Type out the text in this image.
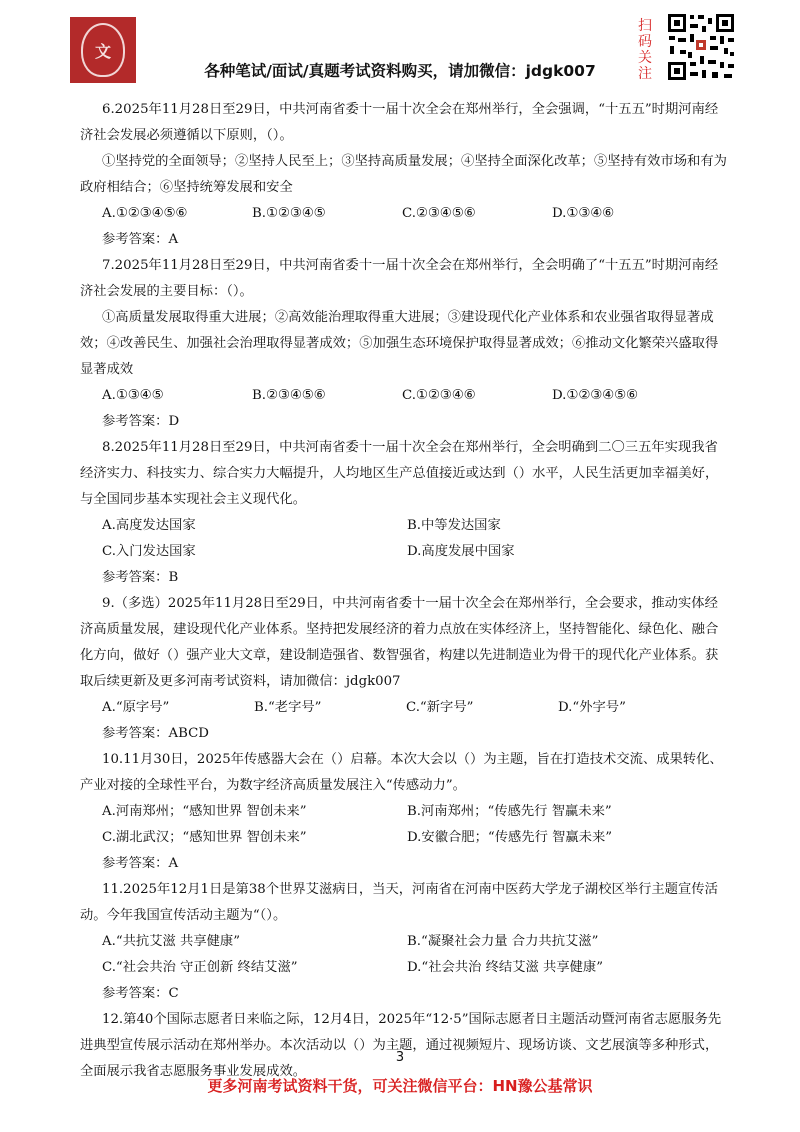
文
扫码关注
各种笔试/面试/真题考试资料购买，请加微信：jdgk007

6.2025年11月28日至29日，中共河南省委十一届十次全会在郑州举行，全会强调，“十五五”时期河南经济社会发展必须遵循以下原则，（）。

①坚持党的全面领导；②坚持人民至上；③坚持高质量发展；④坚持全面深化改革；⑤坚持有效市场和有为政府相结合；⑥坚持统筹发展和安全

A.①②③④⑤⑥	B.①②③④⑤	C.②③④⑤⑥	D.①③④⑥

参考答案：A

7.2025年11月28日至29日，中共河南省委十一届十次全会在郑州举行，全会明确了“十五五”时期河南经济社会发展的主要目标：（）。

①高质量发展取得重大进展；②高效能治理取得重大进展；③建设现代化产业体系和农业强省取得显著成效；④改善民生、加强社会治理取得显著成效；⑤加强生态环境保护取得显著成效；⑥推动文化繁荣兴盛取得显著成效

A.①③④⑤	B.②③④⑤⑥	C.①②③④⑥	D.①②③④⑤⑥

参考答案：D

8.2025年11月28日至29日，中共河南省委十一届十次全会在郑州举行，全会明确到二〇三五年实现我省经济实力、科技实力、综合实力大幅提升，人均地区生产总值接近或达到（）水平，人民生活更加幸福美好，与全国同步基本实现社会主义现代化。

A.高度发达国家	B.中等发达国家
C.入门发达国家	D.高度发展中国家

参考答案：B

9.（多选）2025年11月28日至29日，中共河南省委十一届十次全会在郑州举行，全会要求，推动实体经济高质量发展，建设现代化产业体系。坚持把发展经济的着力点放在实体经济上，坚持智能化、绿色化、融合化方向，做好（）强产业大文章，建设制造强省、数智强省，构建以先进制造业为骨干的现代化产业体系。获取后续更新及更多河南考试资料，请加微信：jdgk007

A.“原字号”	B.“老字号”	C.“新字号”	D.“外字号”

参考答案：ABCD

10.11月30日，2025年传感器大会在（）启幕。本次大会以（）为主题，旨在打造技术交流、成果转化、产业对接的全球性平台，为数字经济高质量发展注入“传感动力”。

A.河南郑州；“感知世界 智创未来”	B.河南郑州；“传感先行 智赢未来”
C.湖北武汉；“感知世界 智创未来”	D.安徽合肥；“传感先行 智赢未来”

参考答案：A

11.2025年12月1日是第38个世界艾滋病日，当天，河南省在河南中医药大学龙子湖校区举行主题宣传活动。今年我国宣传活动主题为“（）。

A.“共抗艾滋 共享健康”	B.“凝聚社会力量 合力共抗艾滋”
C.“社会共治 守正创新 终结艾滋”	D.“社会共治 终结艾滋 共享健康”

参考答案：C

12.第40个国际志愿者日来临之际，12月4日，2025年“12·5”国际志愿者日主题活动暨河南省志愿服务先进典型宣传展示活动在郑州举办。本次活动以（）为主题，通过视频短片、现场访谈、文艺展演等多种形式，全面展示我省志愿服务事业发展成效。

3
更多河南考试资料干货，可关注微信平台：HN豫公基常识
